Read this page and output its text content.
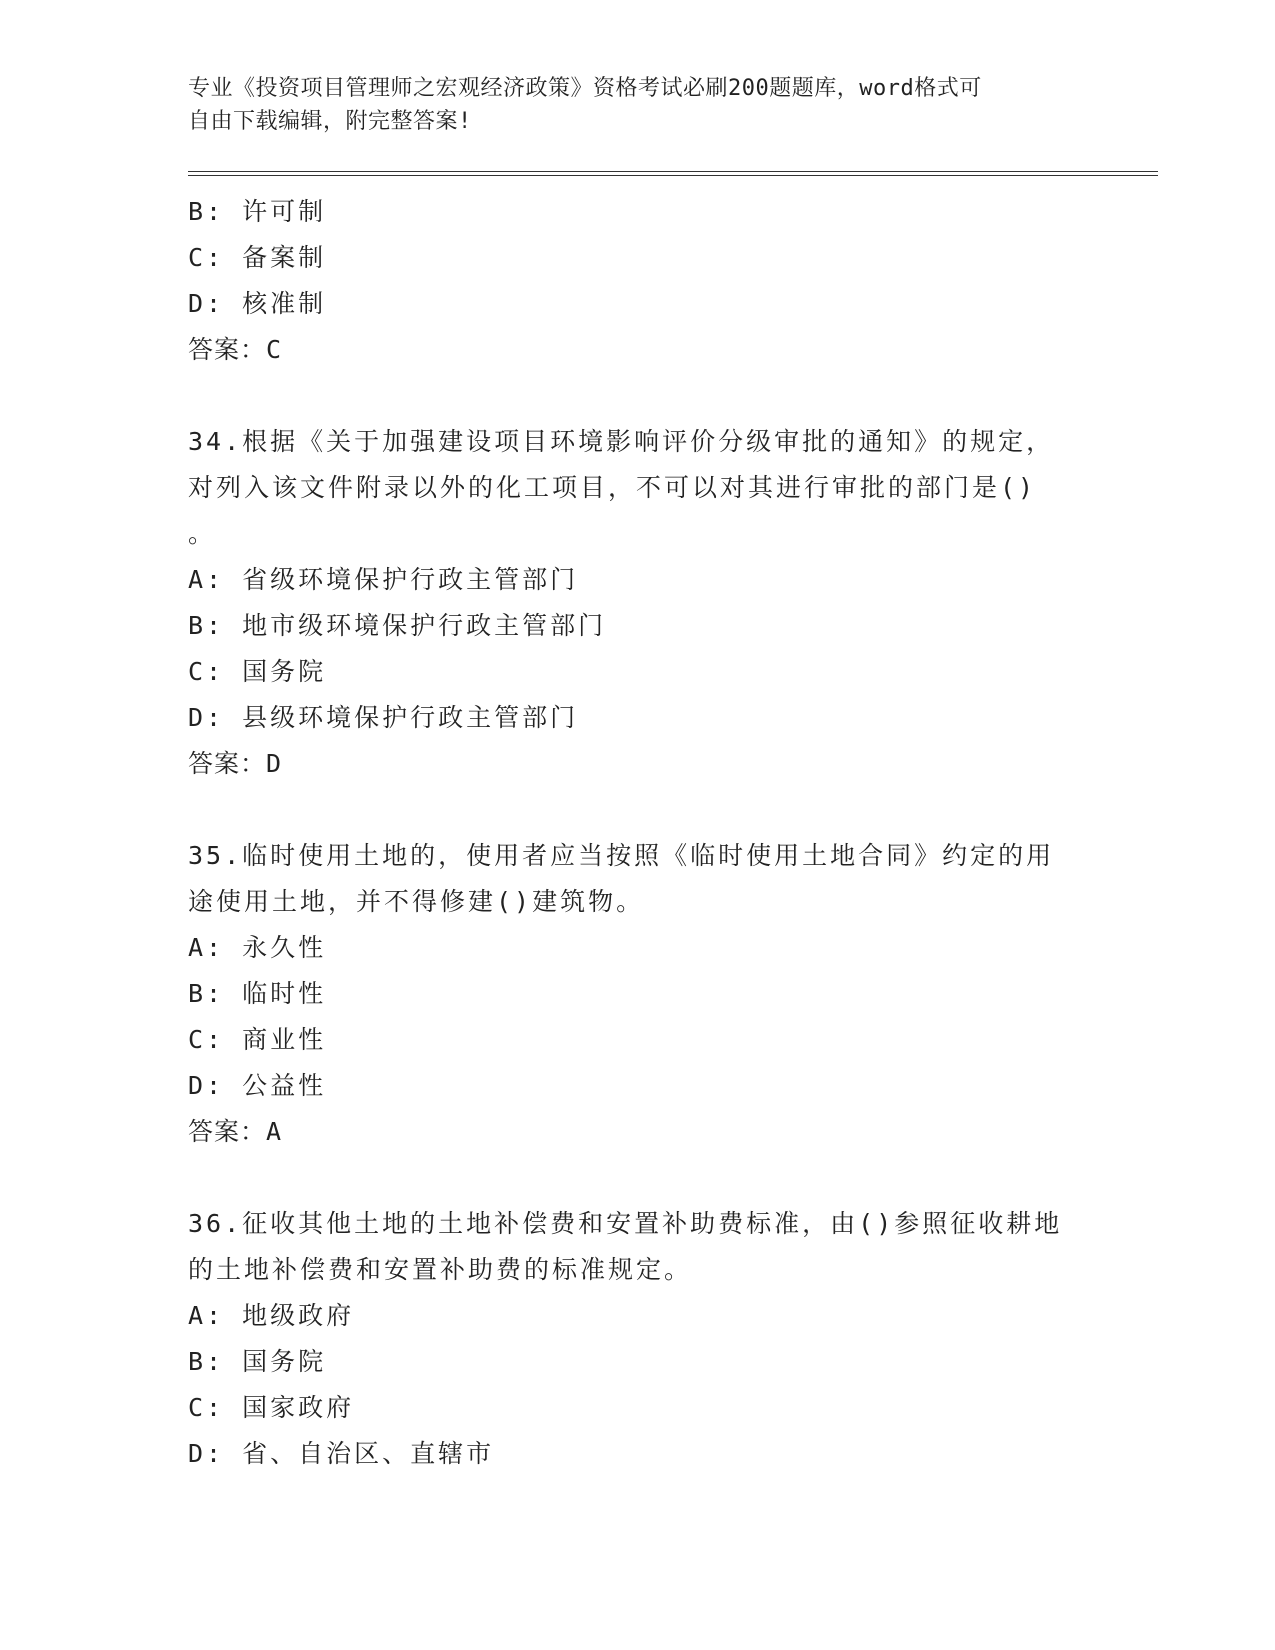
专业《投资项目管理师之宏观经济政策》资格考试必刷200题题库，word格式可
自由下载编辑，附完整答案!
B: 许可制
C: 备案制
D: 核准制
答案：C
34.根据《关于加强建设项目环境影响评价分级审批的通知》的规定，
对列入该文件附录以外的化工项目，不可以对其进行审批的部门是()
。
A: 省级环境保护行政主管部门
B: 地市级环境保护行政主管部门
C: 国务院
D: 县级环境保护行政主管部门
答案：D
35.临时使用土地的，使用者应当按照《临时使用土地合同》约定的用
途使用土地，并不得修建()建筑物。
A: 永久性
B: 临时性
C: 商业性
D: 公益性
答案：A
36.征收其他土地的土地补偿费和安置补助费标准，由()参照征收耕地
的土地补偿费和安置补助费的标准规定。
A: 地级政府
B: 国务院
C: 国家政府
D: 省、自治区、直辖市
